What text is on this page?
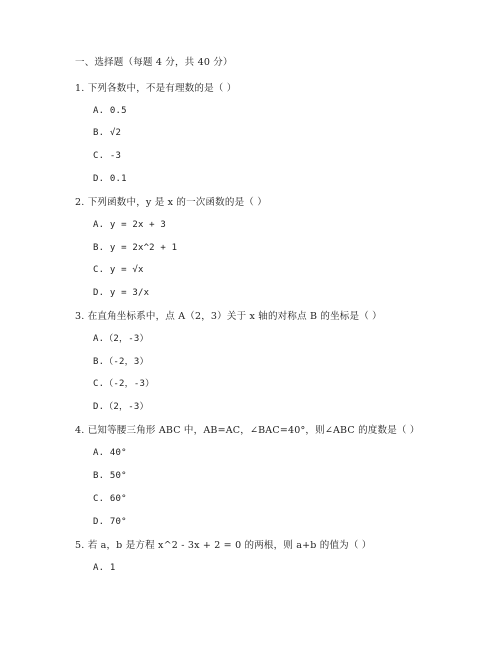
一、选择题（每题 4 分，共 40 分）
1. 下列各数中，不是有理数的是（ ）
A. 0.5
B. √2
C. -3
D. 0.1
2. 下列函数中，y 是 x 的一次函数的是（ ）
A. y = 2x + 3
B. y = 2x^2 + 1
C. y = √x
D. y = 3/x
3. 在直角坐标系中，点 A（2，3）关于 x 轴的对称点 B 的坐标是（ ）
A.（2，-3）
B.（-2，3）
C.（-2，-3）
D.（2，-3）
4. 已知等腰三角形 ABC 中，AB=AC，∠BAC=40°，则∠ABC 的度数是（ ）
A. 40°
B. 50°
C. 60°
D. 70°
5. 若 a，b 是方程 x^2 - 3x + 2 = 0 的两根，则 a+b 的值为（ ）
A. 1
